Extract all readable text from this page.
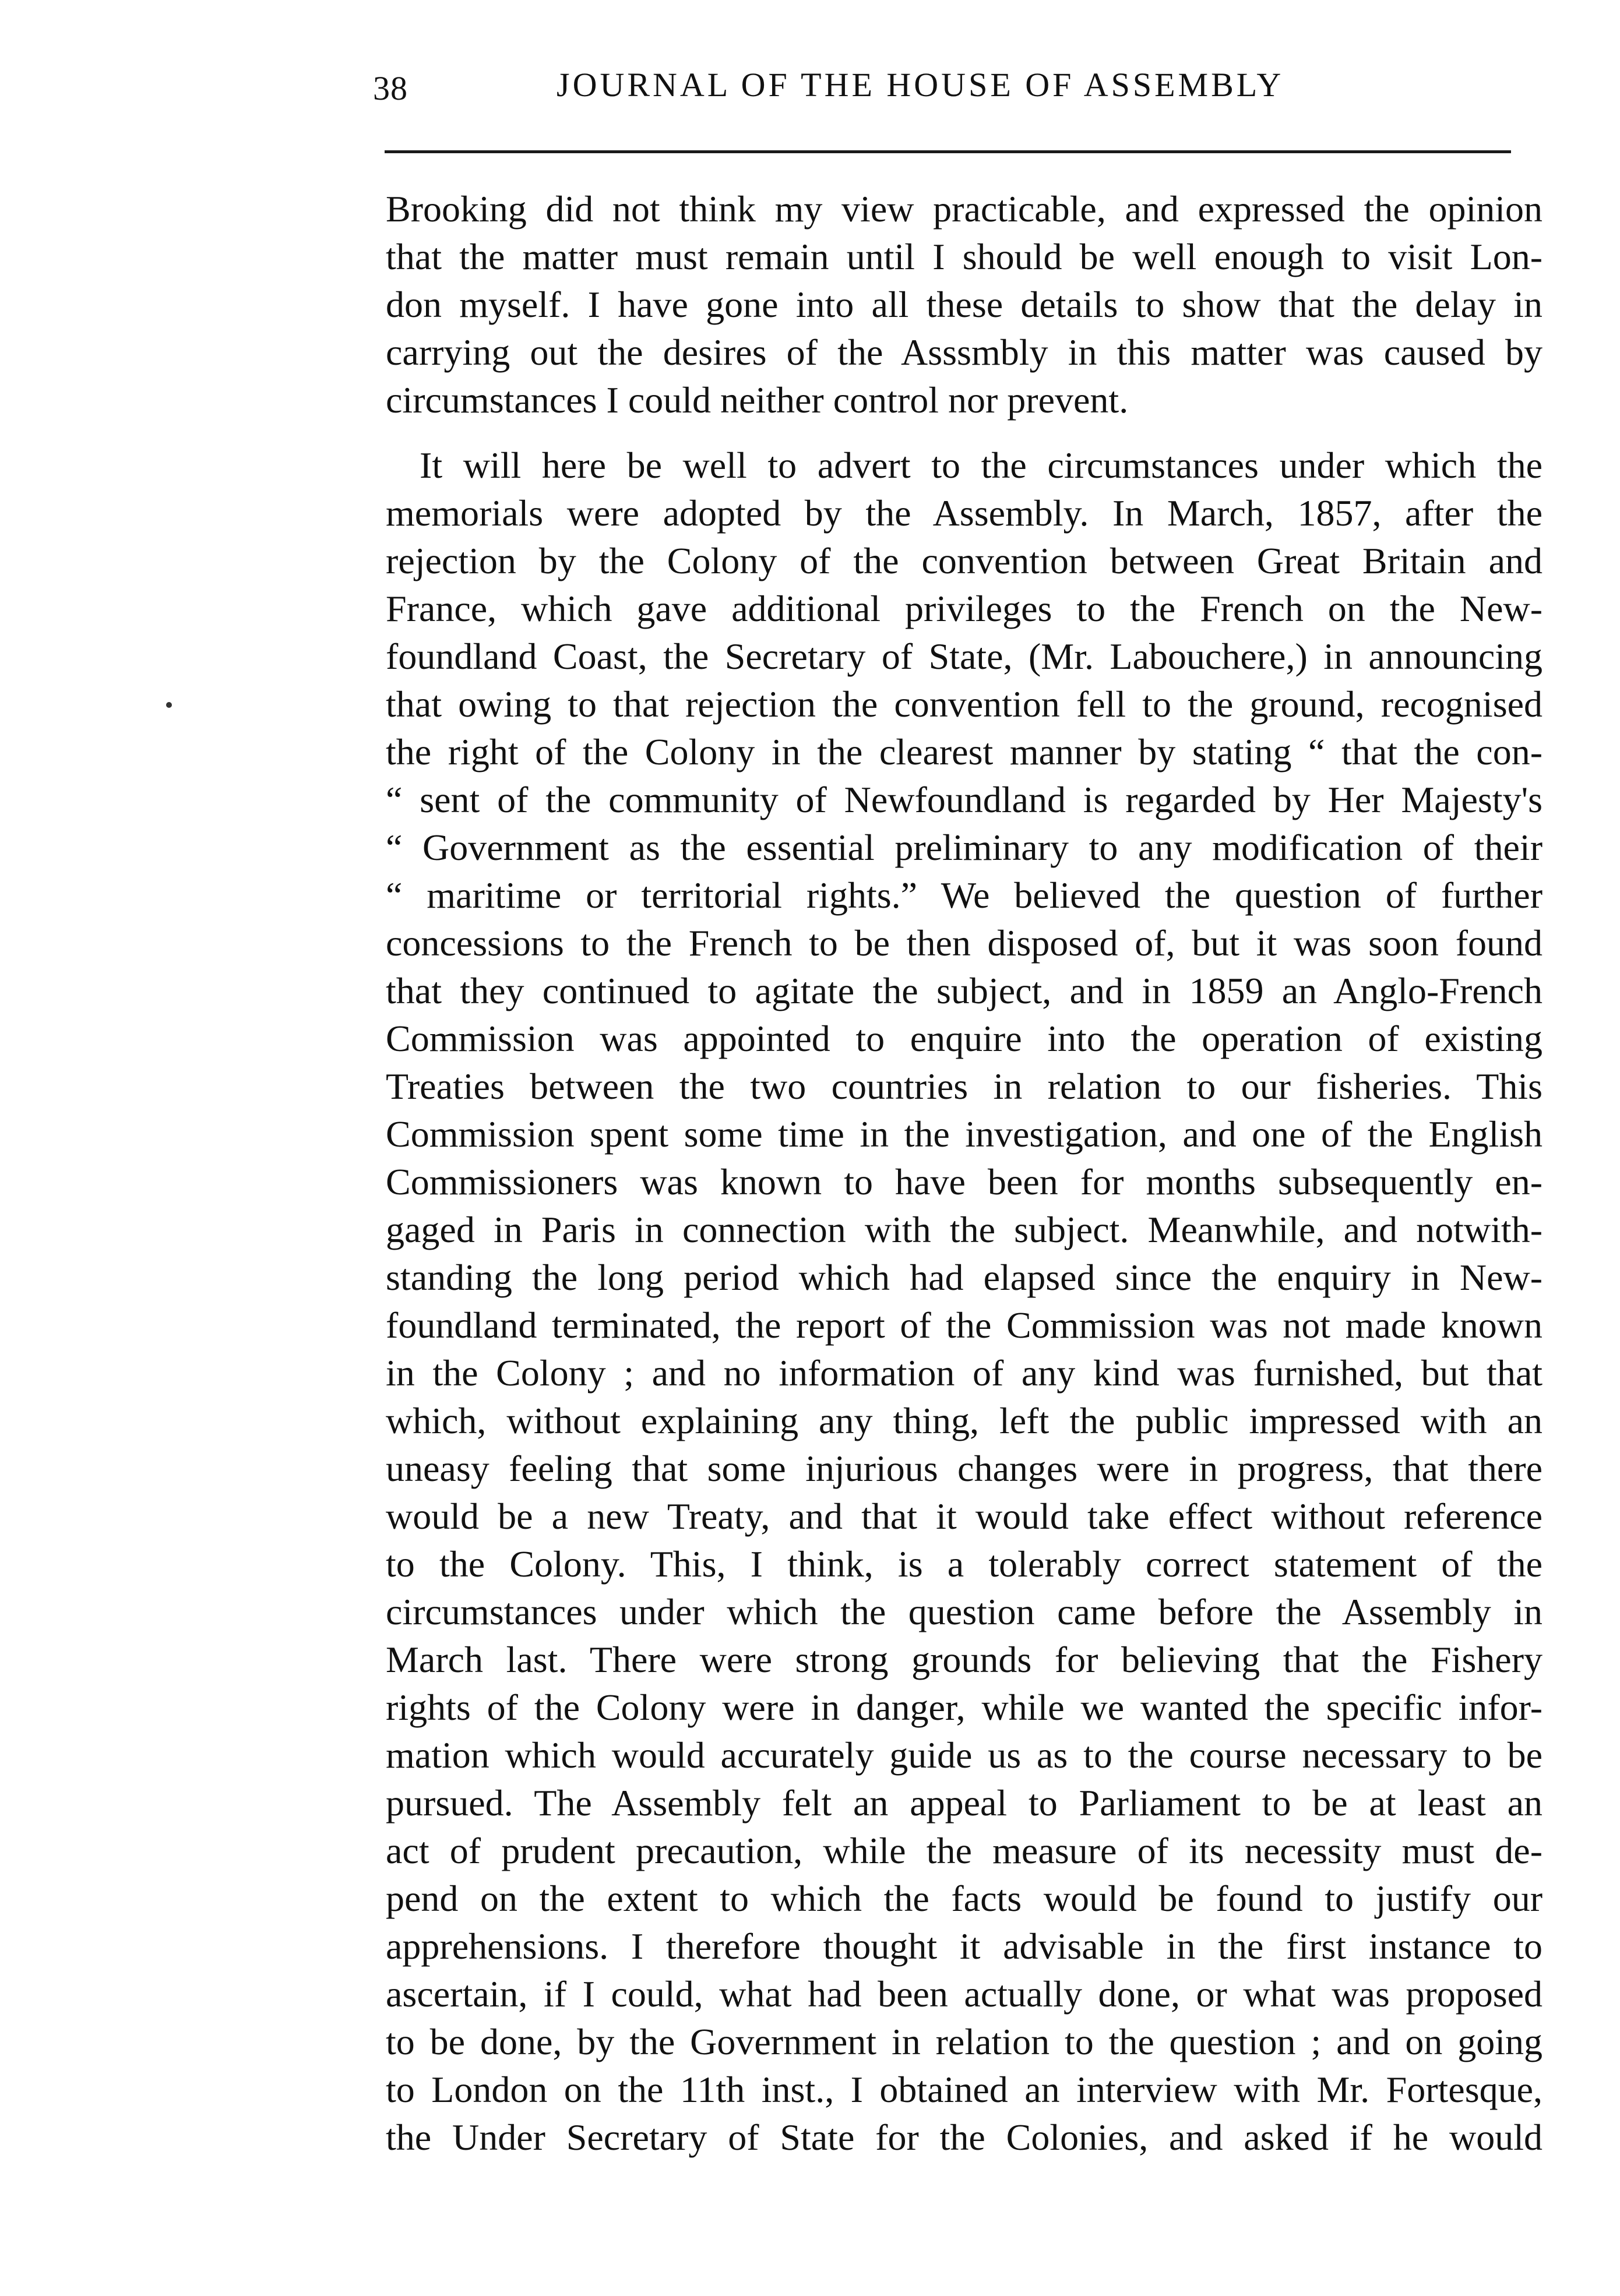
38	JOURNAL OF THE HOUSE OF ASSEMBLY

Brooking did not think my view practicable, and expressed the opinion
that the matter must remain until I should be well enough to visit Lon-
don myself. I have gone into all these details to show that the delay in
carrying out the desires of the Asssmbly in this matter was caused by
circumstances I could neither control nor prevent.

It will here be well to advert to the circumstances under which the
memorials were adopted by the Assembly. In March, 1857, after the
rejection by the Colony of the convention between Great Britain and
France, which gave additional privileges to the French on the New-
foundland Coast, the Secretary of State, (Mr. Labouchere,) in announcing
that owing to that rejection the convention fell to the ground, recognised
the right of the Colony in the clearest manner by stating “ that the con-
“ sent of the community of Newfoundland is regarded by Her Majesty's
“ Government as the essential preliminary to any modification of their
“ maritime or territorial rights.” We believed the question of further
concessions to the French to be then disposed of, but it was soon found
that they continued to agitate the subject, and in 1859 an Anglo-French
Commission was appointed to enquire into the operation of existing
Treaties between the two countries in relation to our fisheries. This
Commission spent some time in the investigation, and one of the English
Commissioners was known to have been for months subsequently en-
gaged in Paris in connection with the subject. Meanwhile, and notwith-
standing the long period which had elapsed since the enquiry in New-
foundland terminated, the report of the Commission was not made known
in the Colony ; and no information of any kind was furnished, but that
which, without explaining any thing, left the public impressed with an
uneasy feeling that some injurious changes were in progress, that there
would be a new Treaty, and that it would take effect without reference
to the Colony. This, I think, is a tolerably correct statement of the
circumstances under which the question came before the Assembly in
March last. There were strong grounds for believing that the Fishery
rights of the Colony were in danger, while we wanted the specific infor-
mation which would accurately guide us as to the course necessary to be
pursued. The Assembly felt an appeal to Parliament to be at least an
act of prudent precaution, while the measure of its necessity must de-
pend on the extent to which the facts would be found to justify our
apprehensions. I therefore thought it advisable in the first instance to
ascertain, if I could, what had been actually done, or what was proposed
to be done, by the Government in relation to the question ; and on going
to London on the 11th inst., I obtained an interview with Mr. Fortesque,
the Under Secretary of State for the Colonies, and asked if he would
